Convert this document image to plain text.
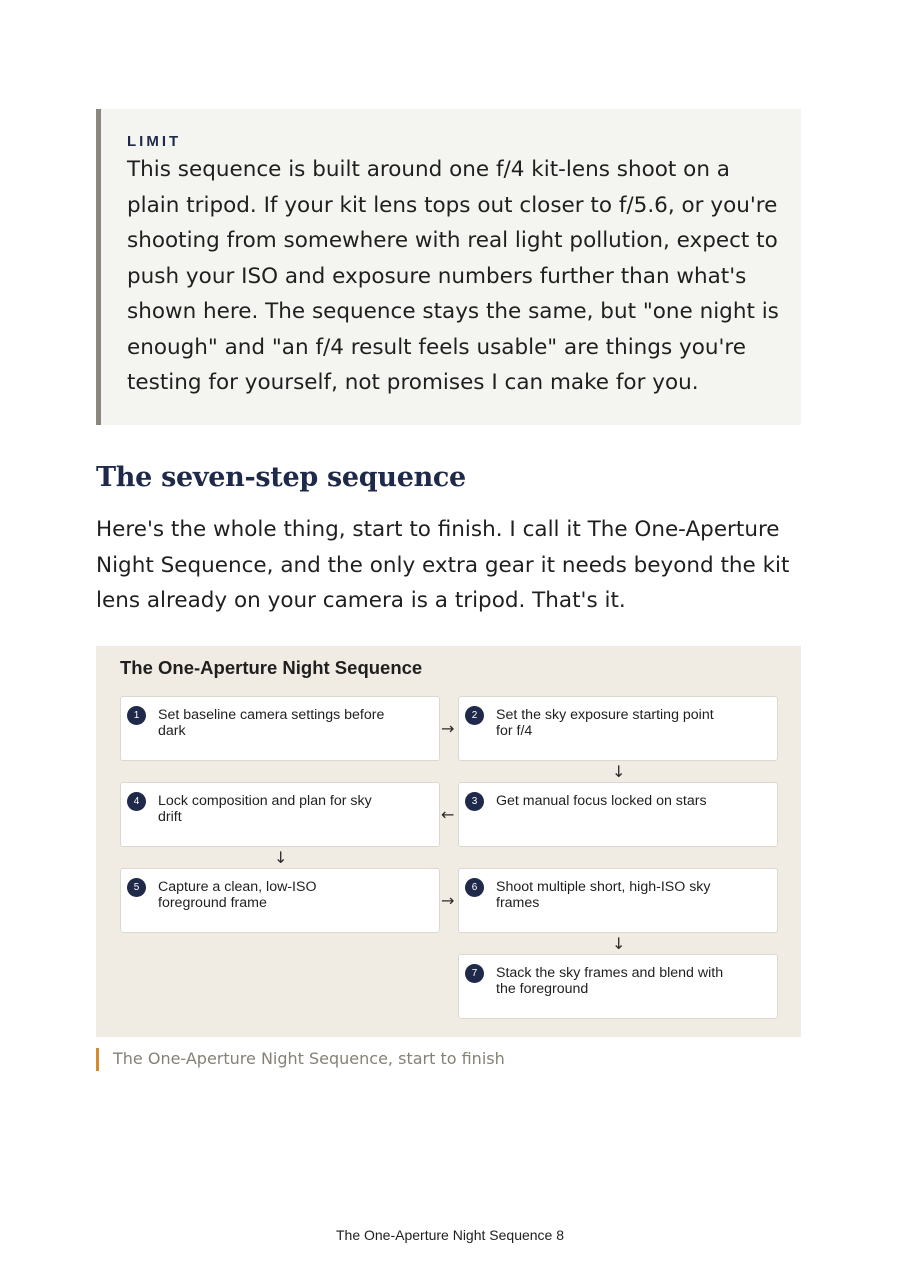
LIMIT

This sequence is built around one f/4 kit-lens shoot on a plain tripod. If your kit lens tops out closer to f/5.6, or you're shooting from somewhere with real light pollution, expect to push your ISO and exposure numbers further than what's shown here. The sequence stays the same, but "one night is enough" and "an f/4 result feels usable" are things you're testing for yourself, not promises I can make for you.

The seven-step sequence

Here's the whole thing, start to finish. I call it The One-Aperture Night Sequence, and the only extra gear it needs beyond the kit lens already on your camera is a tripod. That's it.

The One-Aperture Night Sequence
1	Set baseline camera settings before dark	→
2	Set the sky exposure starting point for f/4
↓
4	Lock composition and plan for sky drift	←
3	Get manual focus locked on stars
↓
5	Capture a clean, low-ISO foreground frame	→
6	Shoot multiple short, high-ISO sky frames
↓
7	Stack the sky frames and blend with the foreground
The One-Aperture Night Sequence, start to finish
The One-Aperture Night Sequence 8
